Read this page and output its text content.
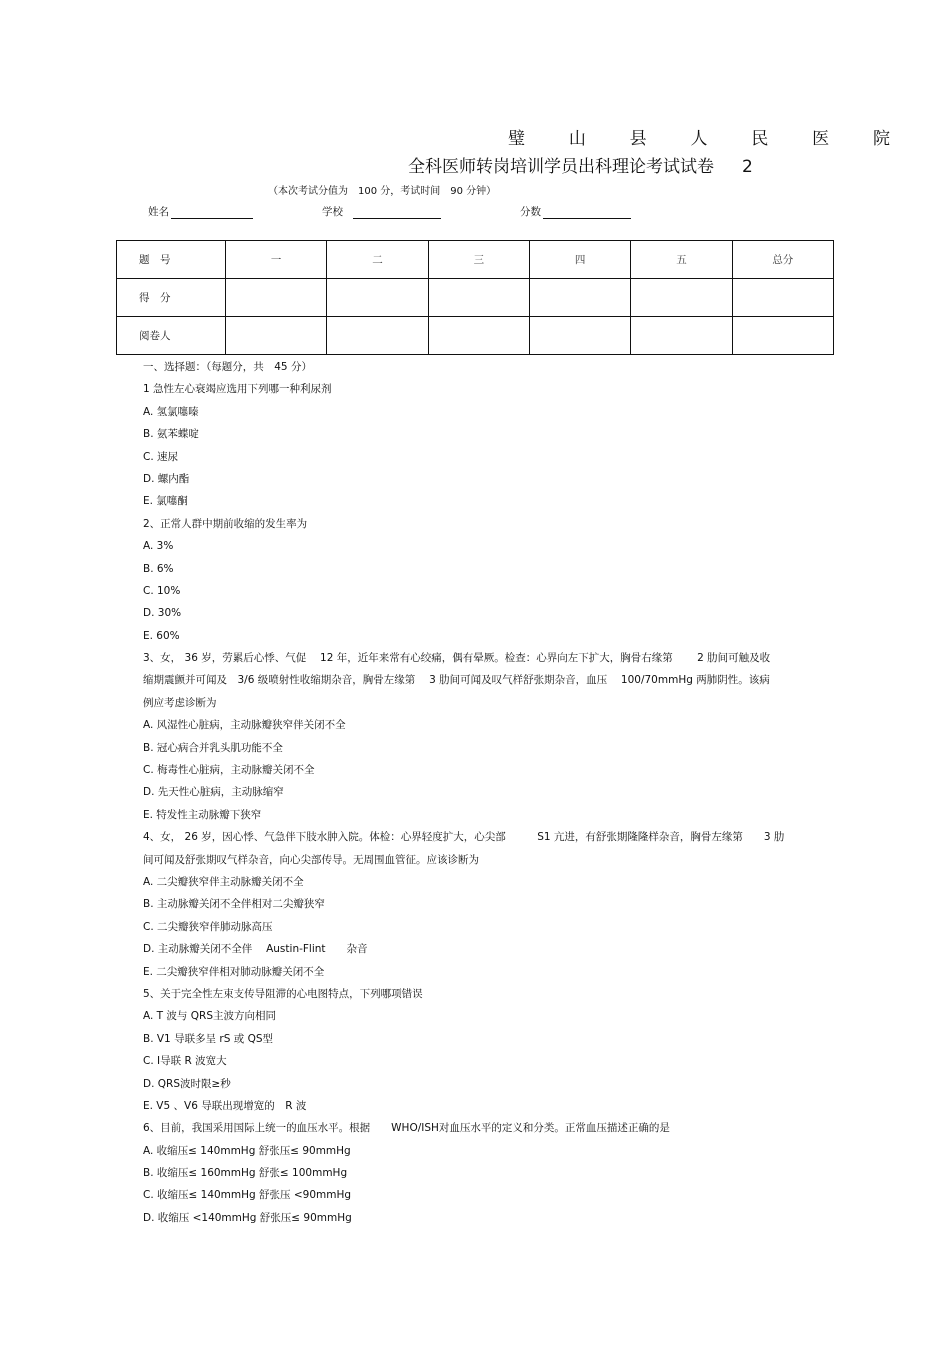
璧	山	县	人	民	医	院
全科医师转岗培训学员出科理论考试试卷 2
（本次考试分值为　100 分，考试时间　90 分钟）
姓名	学校	分数
题　号	一	二	三	四	五	总分
得　分						
阅卷人						
一、选择题：（每题分，共　45 分）
1 急性左心衰竭应选用下列哪一种利尿剂
A. 氢氯噻嗪
B. 氨苯蝶啶
C. 速尿
D. 螺内酯
E. 氯噻酮
2、正常人群中期前收缩的发生率为
A. 3%
B. 6%
C. 10%
D. 30%
E. 60%
3、女， 36 岁，劳累后心悸、气促　 12 年，近年来常有心绞痛，偶有晕厥。检查：心界向左下扩大，胸骨右缘第　　 2 肋间可触及收
缩期震颤并可闻及　3/6 级喷射性收缩期杂音，胸骨左缘第　 3 肋间可闻及叹气样舒张期杂音，血压　 100/70mmHg 两肺阴性。该病
例应考虑诊断为
A. 风湿性心脏病，主动脉瓣狭窄伴关闭不全
B. 冠心病合并乳头肌功能不全
C. 梅毒性心脏病，主动脉瓣关闭不全
D. 先天性心脏病，主动脉缩窄
E. 特发性主动脉瓣下狭窄
4、女， 26 岁，因心悸、气急伴下肢水肿入院。体检：心界轻度扩大，心尖部　　　S1 亢进，有舒张期隆隆样杂音，胸骨左缘第　　3 肋
间可闻及舒张期叹气样杂音，向心尖部传导。无周围血管征。应该诊断为
A. 二尖瓣狭窄伴主动脉瓣关闭不全
B. 主动脉瓣关闭不全伴相对二尖瓣狭窄
C. 二尖瓣狭窄伴肺动脉高压
D. 主动脉瓣关闭不全伴　 Austin-Flint　　杂音
E. 二尖瓣狭窄伴相对肺动脉瓣关闭不全
5、关于完全性左束支传导阻滞的心电图特点，下列哪项错误
A. T 波与 QRS主波方向相同
B. V1 导联多呈 rS 或 QS型
C. Ⅰ导联 R 波宽大
D. QRS波时限≥秒
E. V5 、V6 导联出现增宽的　R 波
6、目前，我国采用国际上统一的血压水平。根据　　WHO/ISH对血压水平的定义和分类。正常血压描述正确的是
A. 收缩压≤ 140mmHg 舒张压≤ 90mmHg
B. 收缩压≤ 160mmHg 舒张≤ 100mmHg
C. 收缩压≤ 140mmHg 舒张压 <90mmHg
D. 收缩压 <140mmHg 舒张压≤ 90mmHg
